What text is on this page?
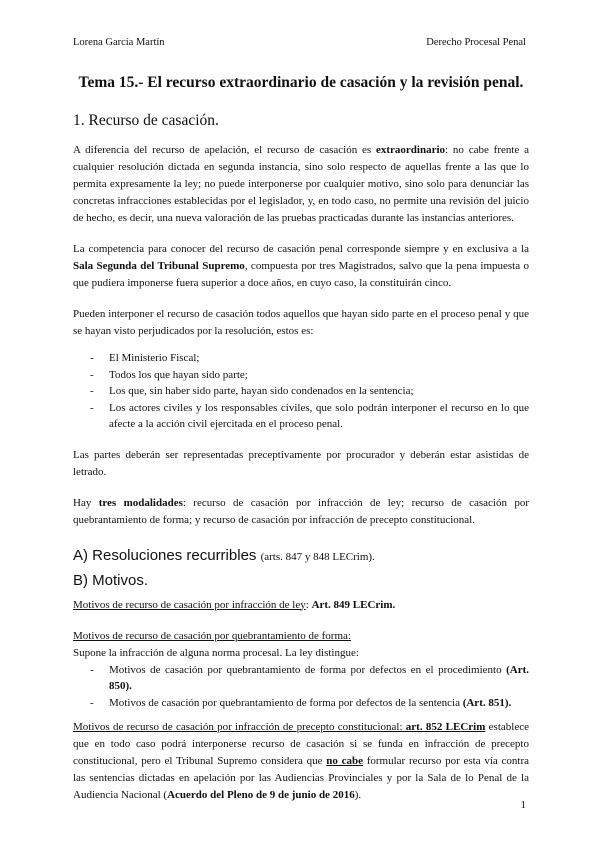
Lorena García Martín	Derecho Procesal Penal
Tema 15.- El recurso extraordinario de casación y la revisión penal.
1. Recurso de casación.

A diferencia del recurso de apelación, el recurso de casación es extraordinario: no cabe frente a cualquier resolución dictada en segunda instancia, sino solo respecto de aquellas frente a las que lo permita expresamente la ley; no puede interponerse por cualquier motivo, sino solo para denunciar las concretas infracciones establecidas por el legislador, y, en todo caso, no permite una revisión del juicio de hecho, es decir, una nueva valoración de las pruebas practicadas durante las instancias anteriores.

La competencia para conocer del recurso de casación penal corresponde siempre y en exclusiva a la Sala Segunda del Tribunal Supremo, compuesta por tres Magistrados, salvo que la pena impuesta o que pudiera imponerse fuera superior a doce años, en cuyo caso, la constituirán cinco.

Pueden interponer el recurso de casación todos aquellos que hayan sido parte en el proceso penal y que se hayan visto perjudicados por la resolución, estos es:

- El Ministerio Fiscal;
- Todos los que hayan sido parte;
- Los que, sin haber sido parte, hayan sido condenados en la sentencia;
- Los actores civiles y los responsables civiles, que solo podrán interponer el recurso en lo que afecte a la acción civil ejercitada en el proceso penal.

Las partes deberán ser representadas preceptivamente por procurador y deberán estar asistidas de letrado.

Hay tres modalidades: recurso de casación por infracción de ley; recurso de casación por quebrantamiento de forma; y recurso de casación por infracción de precepto constitucional.

A) Resoluciones recurribles (arts. 847 y 848 LECrim).
B) Motivos.

Motivos de recurso de casación por infracción de ley: Art. 849 LECrim.

Motivos de recurso de casación por quebrantamiento de forma:

Supone la infracción de alguna norma procesal. La ley distingue:

- Motivos de casación por quebrantamiento de forma por defectos en el procedimiento (Art. 850).
- Motivos de casación por quebrantamiento de forma por defectos de la sentencia (Art. 851).

Motivos de recurso de casación por infracción de precepto constitucional: art. 852 LECrim establece que en todo caso podrá interponerse recurso de casación si se funda en infracción de precepto constitucional, pero el Tribunal Supremo considera que no cabe formular recurso por esta vía contra las sentencias dictadas en apelación por las Audiencias Provinciales y por la Sala de lo Penal de la Audiencia Nacional (Acuerdo del Pleno de 9 de junio de 2016).

1
